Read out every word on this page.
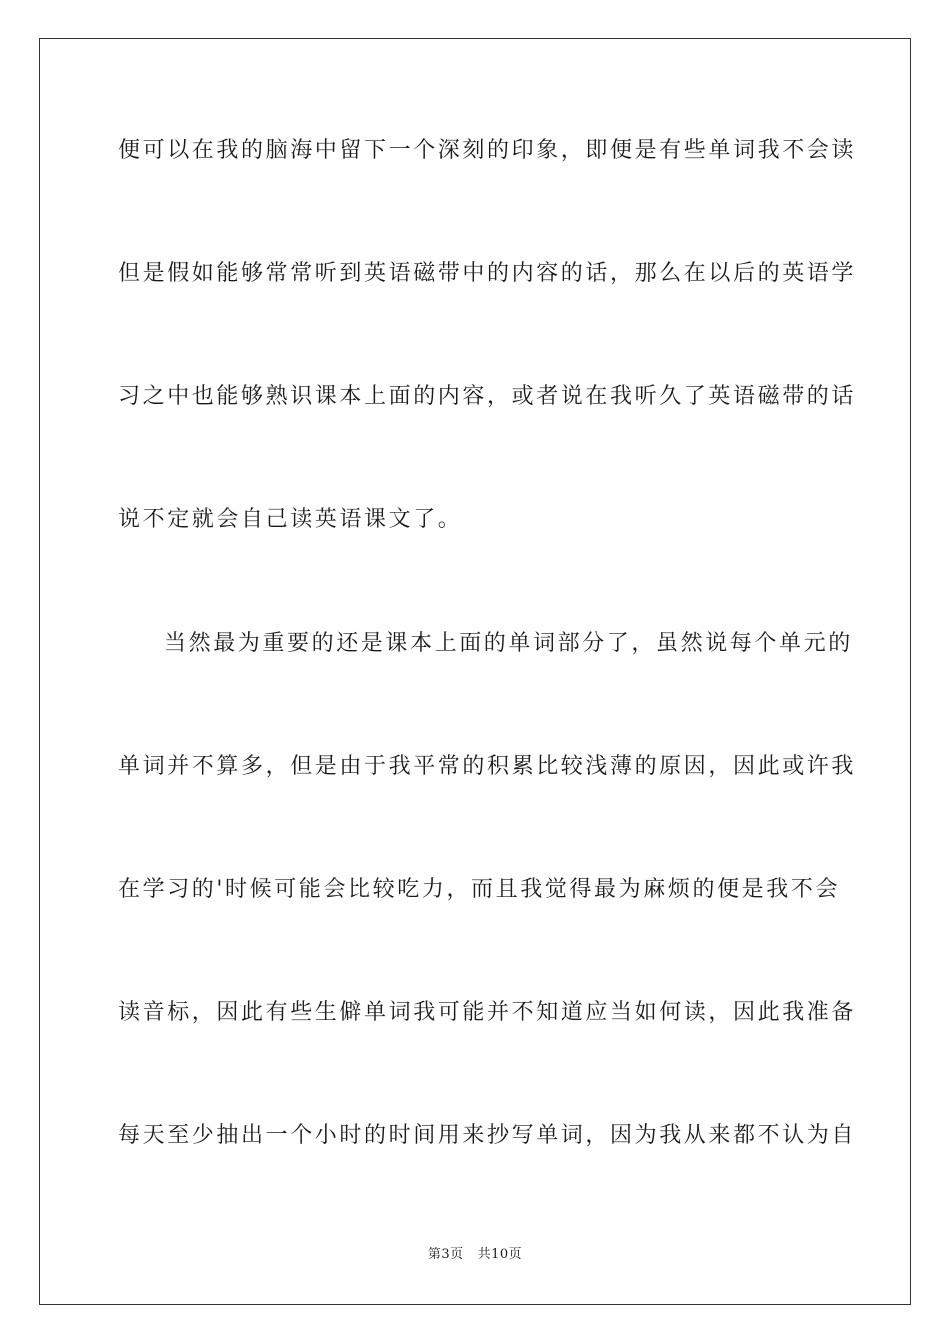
便可以在我的脑海中留下一个深刻的印象，即便是有些单词我不会读
但是假如能够常常听到英语磁带中的内容的话，那么在以后的英语学
习之中也能够熟识课本上面的内容，或者说在我听久了英语磁带的话
说不定就会自己读英语课文了。
当然最为重要的还是课本上面的单词部分了，虽然说每个单元的
单词并不算多，但是由于我平常的积累比较浅薄的原因，因此或许我
在学习的'时候可能会比较吃力，而且我觉得最为麻烦的便是我不会
读音标，因此有些生僻单词我可能并不知道应当如何读，因此我准备
每天至少抽出一个小时的时间用来抄写单词，因为我从来都不认为自
第3页 共10页
